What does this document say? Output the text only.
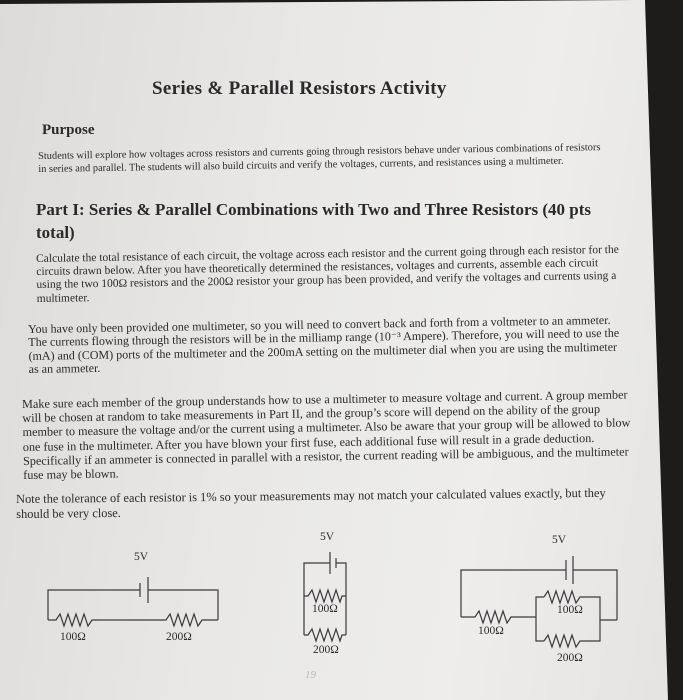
Series & Parallel Resistors Activity
Purpose

Students will explore how voltages across resistors and currents going through resistors behave under various combinations of resistors in series and parallel. The students will also build circuits and verify the voltages, currents, and resistances using a multimeter.

Part I: Series & Parallel Combinations with Two and Three Resistors (40 pts total)

Calculate the total resistance of each circuit, the voltage across each resistor and the current going through each resistor for the circuits drawn below. After you have theoretically determined the resistances, voltages and currents, assemble each circuit using the two 100Ω resistors and the 200Ω resistor your group has been provided, and verify the voltages and currents using a multimeter.

You have only been provided one multimeter, so you will need to convert back and forth from a voltmeter to an ammeter. The currents flowing through the resistors will be in the milliamp range (10⁻³ Ampere). Therefore, you will need to use the (mA) and (COM) ports of the multimeter and the 200mA setting on the multimeter dial when you are using the multimeter as an ammeter.

Make sure each member of the group understands how to use a multimeter to measure voltage and current. A group member will be chosen at random to take measurements in Part II, and the group’s score will depend on the ability of the group member to measure the voltage and/or the current using a multimeter. Also be aware that your group will be allowed to blow one fuse in the multimeter. After you have blown your first fuse, each additional fuse will result in a grade deduction. Specifically if an ammeter is connected in parallel with a resistor, the current reading will be ambiguous, and the multimeter fuse may be blown.

Note the tolerance of each resistor is 1% so your measurements may not match your calculated values exactly, but they should be very close.

5V
100Ω	200Ω
5V
100Ω
200Ω
5V
100Ω
100Ω
200Ω
19
